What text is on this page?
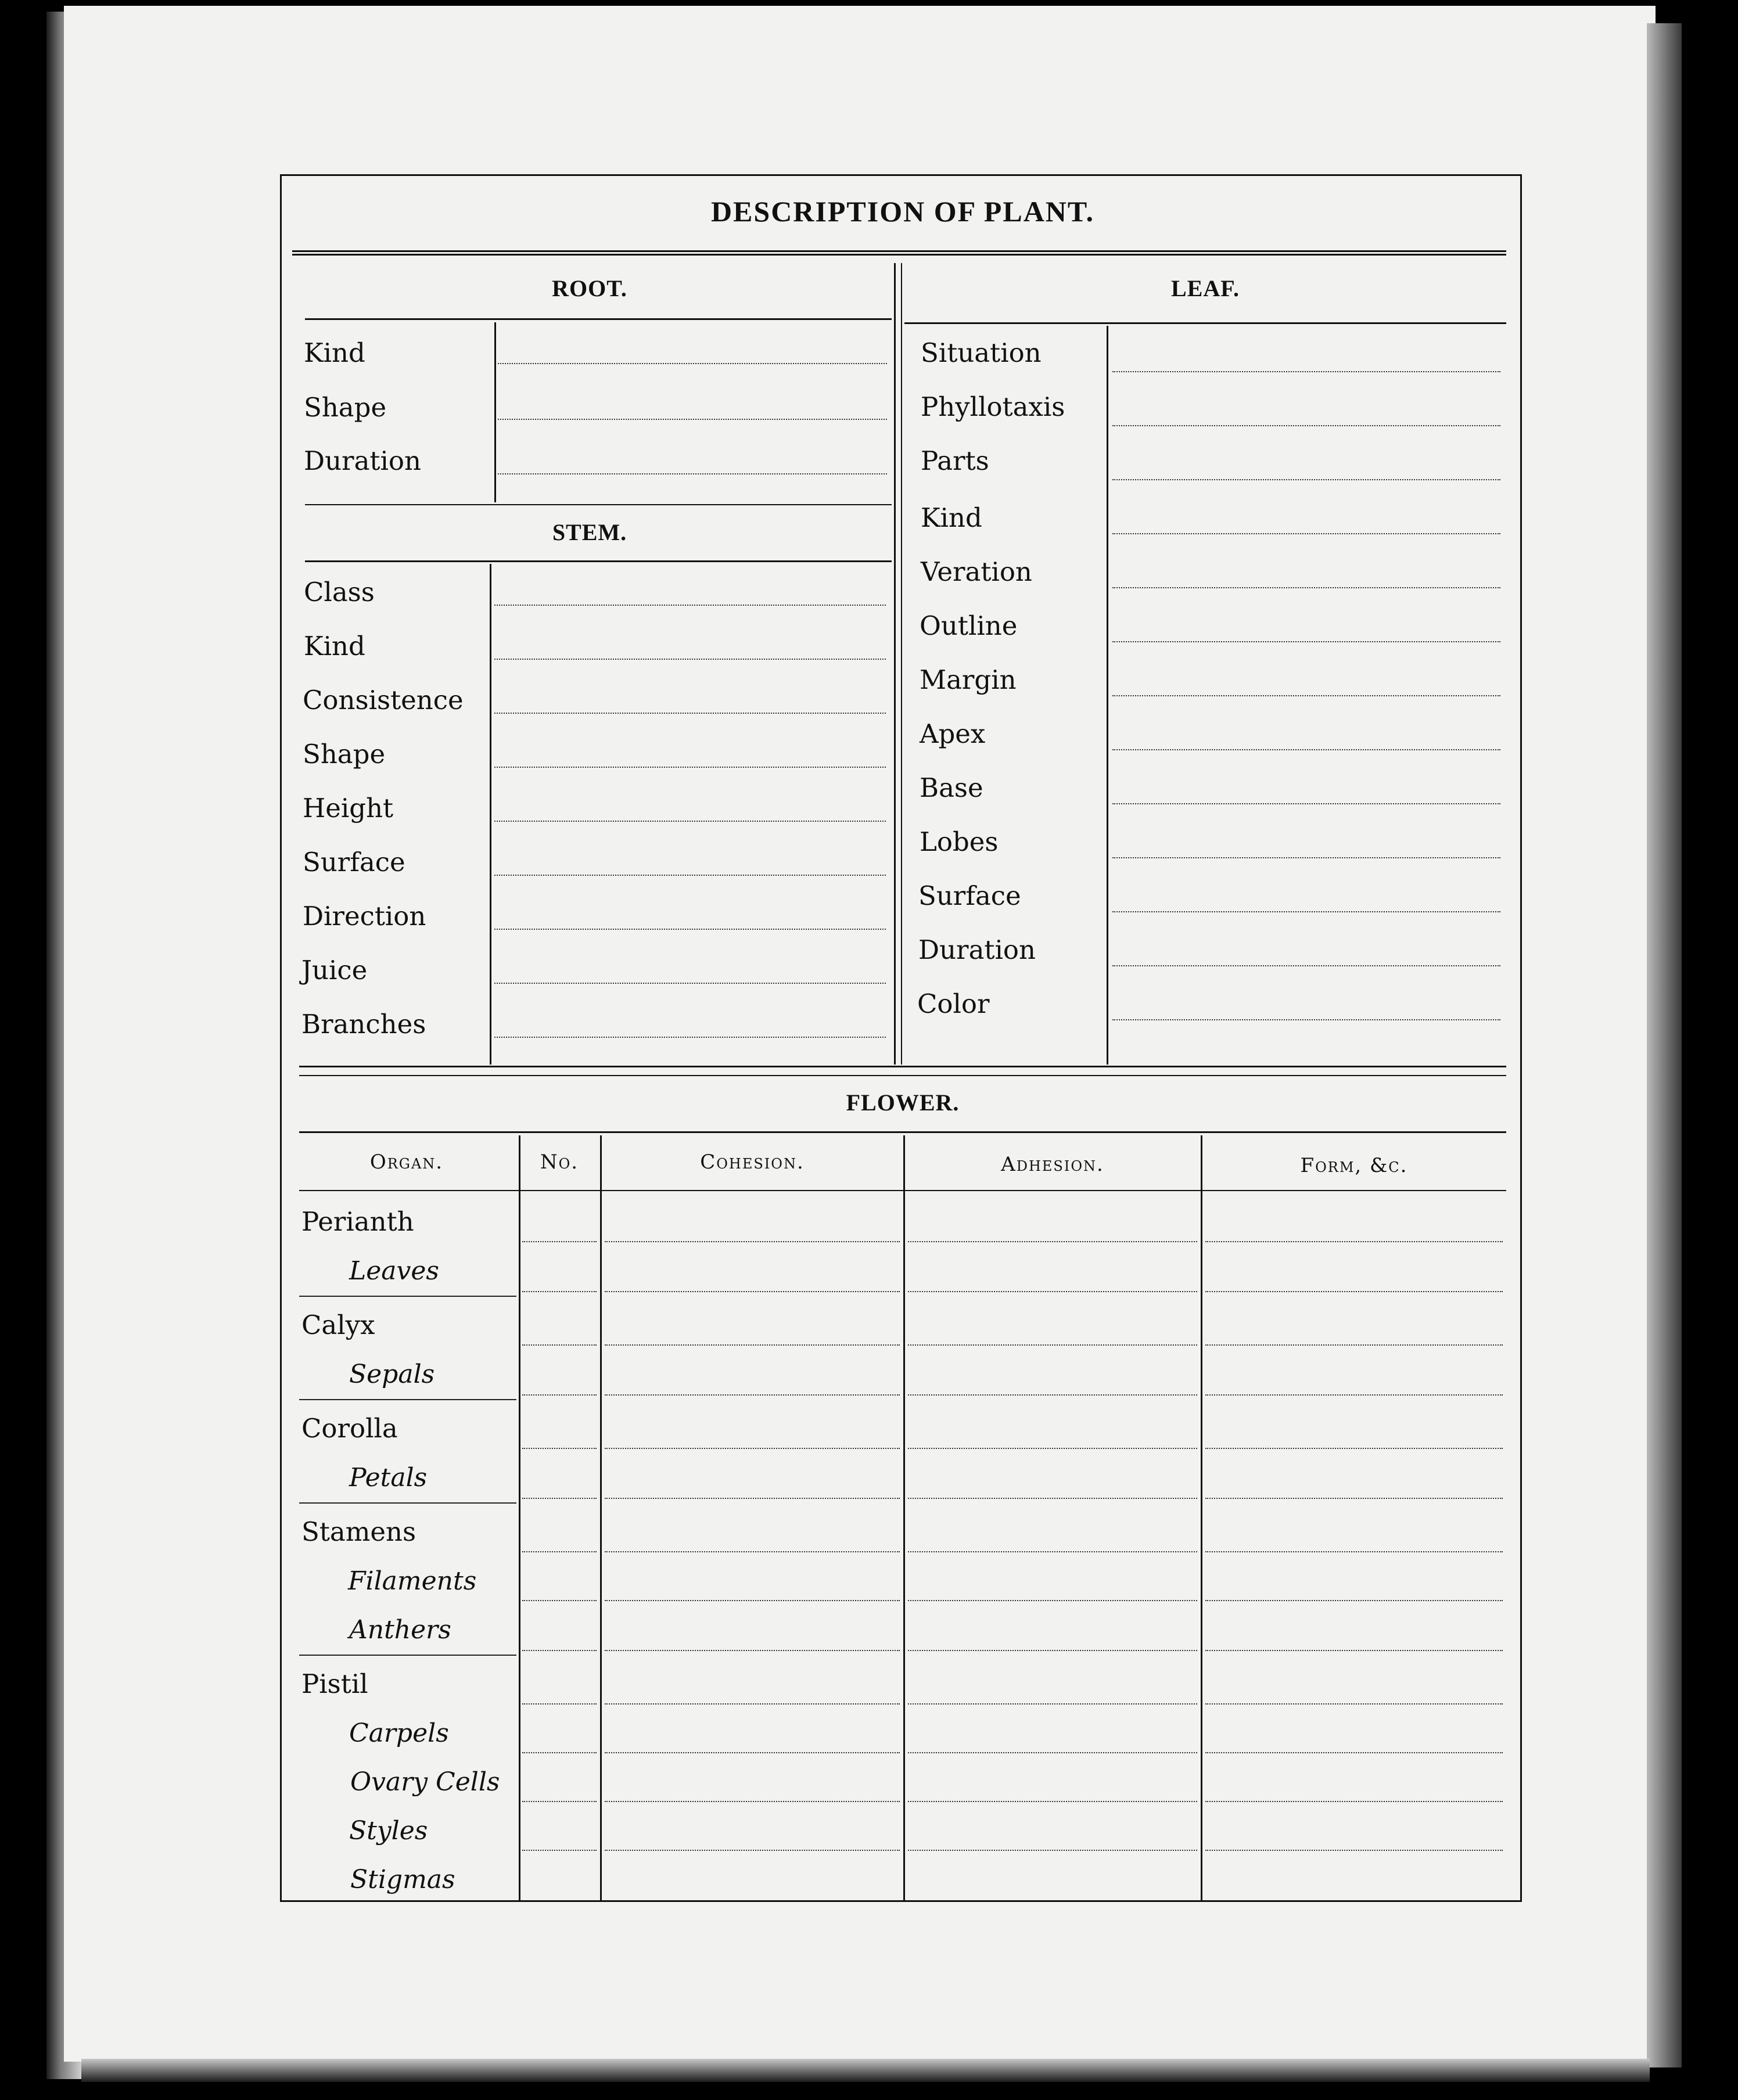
DESCRIPTION OF PLANT.
ROOT.
Kind
Shape
Duration
STEM.
Class
Kind
Consistence
Shape
Height
Surface
Direction
Juice
Branches
LEAF.
Situation
Phyllotaxis
Parts
Kind
Veration
Outline
Margin
Apex
Base
Lobes
Surface
Duration
Color
FLOWER.
Organ.	No.	Cohesion.	Adhesion.	Form, &c.
Perianth
Leaves
Calyx
Sepals
Corolla
Petals
Stamens
Filaments
Anthers
Pistil
Carpels
Ovary Cells
Styles
Stigmas
